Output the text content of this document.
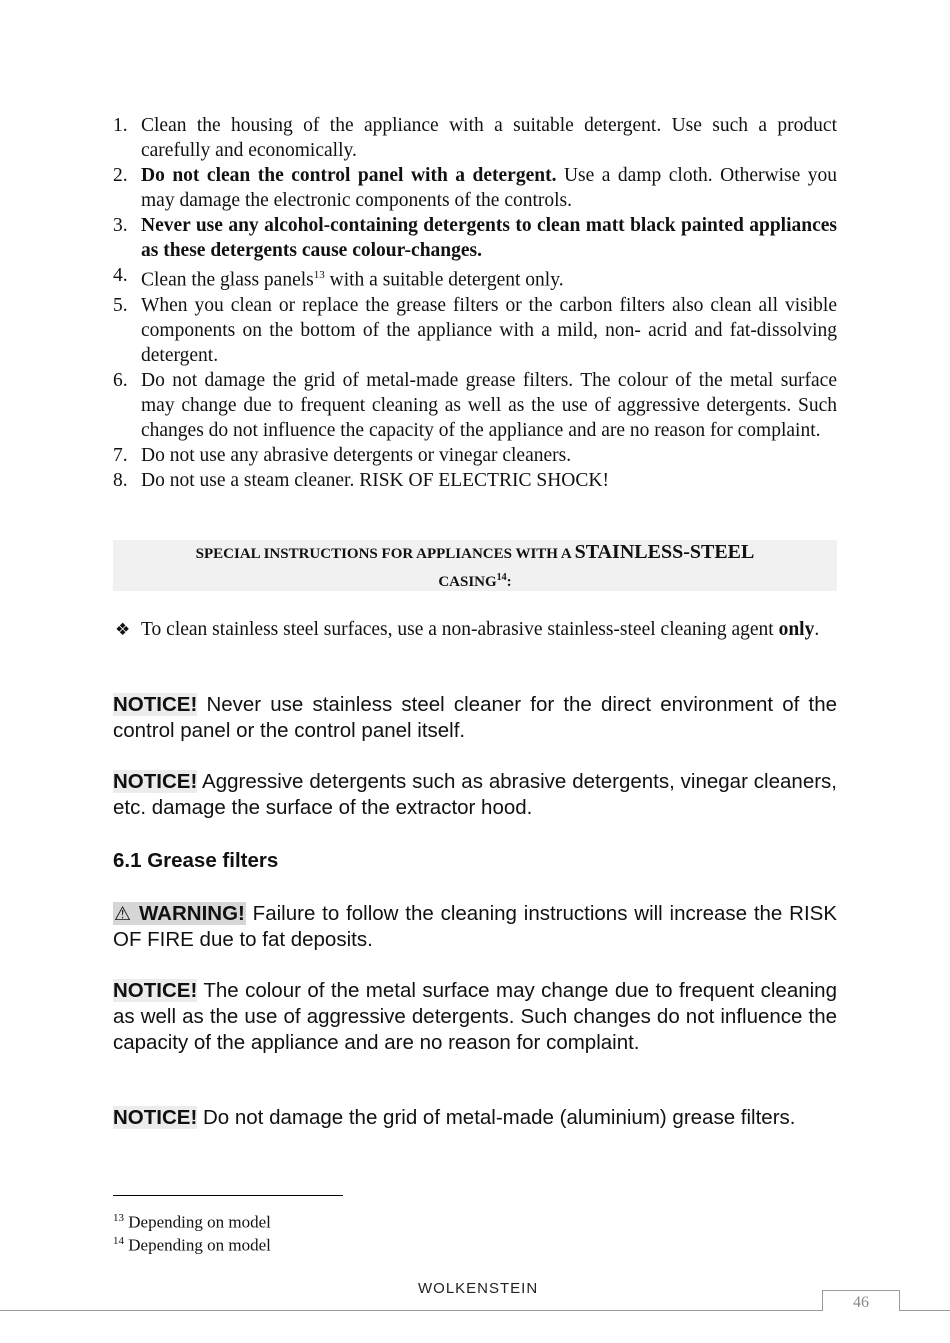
1. Clean the housing of the appliance with a suitable detergent. Use such a product carefully and economically.
2. Do not clean the control panel with a detergent. Use a damp cloth. Otherwise you may damage the electronic components of the controls.
3. Never use any alcohol-containing detergents to clean matt black painted appliances as these detergents cause colour-changes.
4. Clean the glass panels$^{13}$ with a suitable detergent only.
5. When you clean or replace the grease filters or the carbon filters also clean all visible components on the bottom of the appliance with a mild, non- acrid and fat-dissolving detergent.
6. Do not damage the grid of metal-made grease filters. The colour of the metal surface may change due to frequent cleaning as well as the use of aggressive detergents. Such changes do not influence the capacity of the appliance and are no reason for complaint.
7. Do not use any abrasive detergents or vinegar cleaners.
8. Do not use a steam cleaner. RISK OF ELECTRIC SHOCK!
SPECIAL INSTRUCTIONS FOR APPLIANCES WITH A STAINLESS-STEEL
CASING$^{14}$:
❖ To clean stainless steel surfaces, use a non-abrasive stainless-steel cleaning agent only.
NOTICE! Never use stainless steel cleaner for the direct environment of the control panel or the control panel itself.
NOTICE! Aggressive detergents such as abrasive detergents, vinegar cleaners, etc. damage the surface of the extractor hood.
6.1 Grease filters
⚠ WARNING! Failure to follow the cleaning instructions will increase the RISK OF FIRE due to fat deposits.
NOTICE! The colour of the metal surface may change due to frequent cleaning as well as the use of aggressive detergents. Such changes do not influence the capacity of the appliance and are no reason for complaint.
NOTICE! Do not damage the grid of metal-made (aluminium) grease filters.
$^{13}$ Depending on model
$^{14}$ Depending on model
WOLKENSTEIN
46
